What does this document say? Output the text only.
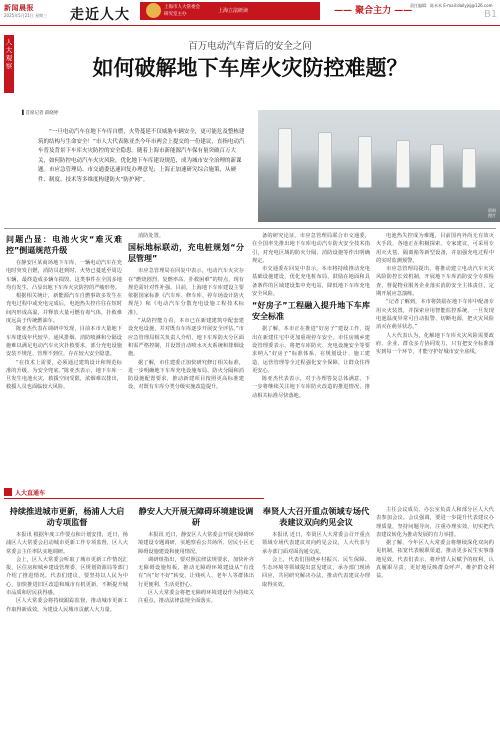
新闻晨报
2025年5月21日 星期三 走近人大	上海市人大常委会
研究室主办
上海立法研读	—— 聚合主力 ——
责任编辑：陈米米 E-mail:dailyjsj@126.com
B1
人大观察
百万电动汽车背后的安全之问
如何破解地下车库火灾防控难题？
▌首席记者 薛晓婷
“一旦电动汽车在地下车库自燃，火势蔓延不仅威胁车辆安全，更可能危及整栋建筑的结构与生命安全！”市人大代表陈亚杰今年市两会上提交的一份建议，直指电动汽车普及背景下车库火灾防控的安全隐患。随着上海市新能源汽车保有量突破百万大关，如何防控电动汽车火灾风险，优化地下车库建设规范，成为城市安全治理的新课题。市应急管理局、市交通委迅速回复办理意见；上海正加速研究综合施策，从硬件、制度、技术等多维度构建防火“防护网”。
资料照片
问题凸显：电池火灾“难灭难控”倒逼规范升级

在静安区某商场地下车库，一辆电动汽车在充电时突发自燃，消防员赶到时，火势已蔓延至周边车辆，最终造成多辆车损毁。这类事件在全国多地均有发生，凸显出地下车库火灾防控的严峻形势。

根据相关统计，新能源汽车自燃事故多发生在充电过程中或充电完成后，电池热失控往往在短时间内形成高温，并释放大量可燃有毒气体，扑救难度远高于传统燃油车。

陈亚杰代表在调研中发现，目前本市大量地下车库建成年代较早，通风排烟、消防喷淋和分隔设施难以满足电动汽车火灾扑救要求，部分充电设施安装不规范、管理不到位，存在较大安全隐患。

“在技术上需要，必须通过建筑设计和规范标准的升级，为安全兜底。”陈亚杰表示，地下车库一旦发生电池火灾，救援空间受限，浓烟难以排出，救援人员也面临较大风险。

消防处置。

国标地标联动，充电桩规划“分层管理”

市应急管理局在回复中表示，电动汽车火灾存在“燃烧剧烈、复燃率高、扑救困难”的特点，现有规范需针对性补强。目前，上海地下车库建设主要依据国家标准《汽车库、修车库、停车场设计防火规范》和《电动汽车分散充电设施工程技术标准》。

“从防控能力看，本市已在新建建筑中配套建设充电设施，并对既有车库逐步开展安全评估。”市应急管理局相关负责人介绍，地下车库防火分区面积需严格控制，并设置自动喷水灭火系统和排烟设施。

据了解，市住建委正加快研究修订相关标准，进一步明确地下车库充电设施布局、防火分隔和消防设施配置要求，推动新建项目按照更高标准建设，对既有车库分类分级实施改造提升。

备的研究论证。市应急管理局联合市交通委，在全国率先推出地下车库电动汽车防火安全技术指引，对充电区域的防火分隔、消防设施等作出明确规定。

市交通委在回复中表示，本市将持续推动充电基础设施建设，优化充电桩布局，鼓励在地面和具备条件的区域建设集中充电站，降低地下车库充电安全风险。

“好房子”工程融入提升地下车库安全标准

据了解，本市正在推进“好房子”建设工作，提出在新建住宅中更加重视停车安全。市住房城乡建设管理委表示，将把车库防火、充电设施安全等要求纳入“好房子”标准体系，在规划设计、施工建造、运营管理等全过程强化安全保障，让群众住得更安心。

陈亚杰代表表示，对于办理答复总体满意，下一步将继续关注地下车库防火改造的推进情况，推动相关标准尽快落地。

电池热失控成为难题，目前国内外尚无有效灭火手段，各地正在积极探索。专家建议，可采用专用灭火毯、隔离箱等新型设备，并加强充电过程中的实时监测预警。

市应急管理局提出，将推动建立电动汽车火灾风险防控长效机制，开展地下车库消防安全专项检查，督促物业服务企业落实消防安全主体责任，定期开展应急演练。

“记者了解到，本市将鼓励在地下车库中配备专用灭火装置，并探索应用智能监控系统，一旦发现电池温度异常可自动报警、切断电源，把火灾风险消灭在萌芽状态。”

人大代表认为，化解地下车库火灾风险需要政府、企业、群众多方协同发力，只有把安全标准落实到每一个环节，才能守护好城市安全底线。

人大直通车
持续推进城市更新，杨浦人大启动专项监督

本报讯 根据年度工作要点和计划安排，近日，杨浦区人大常委会启动城市更新工作专项监督，区人大常委会主任率队实地调研。

会上，区人大常委会听取了城市更新工作情况汇报，区住房和城乡建设管理委、区规划资源局等部门介绍了推进情况。代表们建议，要坚持以人民为中心，加快推进旧区改造和城市有机更新，不断提升城市品质和居民获得感。

区人大常委会将持续跟踪监督，推动城市更新工作取得新成效，为建设人民城市贡献人大力量。

静安人大开展无障碍环境建设调研

本报讯 近日，静安区人大常委会开展无障碍环境建设专题调研，实地察看公共场所、居民小区无障碍设施建设和使用情况。

调研组指出，要对照法律法规要求，加快补齐无障碍设施短板，推动无障碍环境建设从“有没有”向“好不好”转变，让残疾人、老年人等群体出行更便利、生活更舒心。

区人大常委会将把无障碍环境建设作为持续关注重点，推动法律法规全面落实。

奉贤人大召开重点领域专场代表建议双向约见会议

本报讯 近日，奉贤区人大常委会召开重点领域专场代表建议双向约见会议，人大代表与承办部门面对面沟通交流。

会上，代表们围绕乡村振兴、民生保障、生态环境等领域提出意见建议，承办部门现场回应，共同研究解决办法，推动代表建议办理取得实效。

主任会议成员、办公室负责人和部分区人大代表参加会议。会议强调，要进一步提升代表建议办理质量，坚持问题导向，注重办理实效，切实把代表建议转化为推动发展的有力举措。

据了解，今年区人大常委会将继续深化双向约见机制，拓宽代表履职渠道，推动更多民生实事落地见效。代表们表示，将珍惜人民赋予的权利，认真履职尽责，更好地反映群众呼声、维护群众利益。
